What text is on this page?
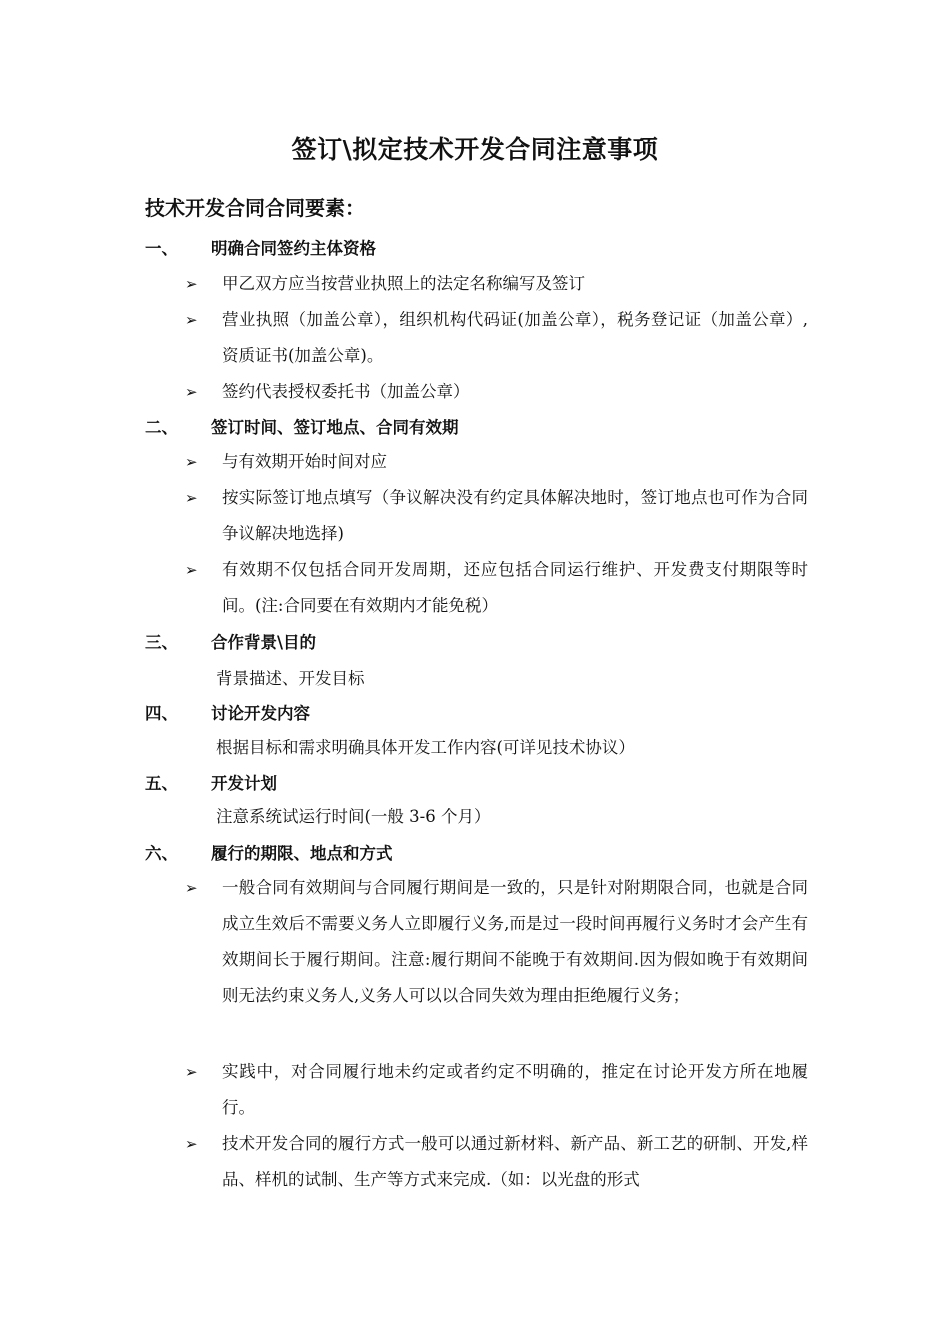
签订\拟定技术开发合同注意事项
技术开发合同合同要素：
一、 明确合同签约主体资格
➢ 甲乙双方应当按营业执照上的法定名称编写及签订
➢ 营业执照（加盖公章），组织机构代码证(加盖公章），税务登记证（加盖公章）,资质证书(加盖公章)。
➢ 签约代表授权委托书（加盖公章）
二、 签订时间、签订地点、合同有效期
➢ 与有效期开始时间对应
➢ 按实际签订地点填写（争议解决没有约定具体解决地时，签订地点也可作为合同争议解决地选择)
➢ 有效期不仅包括合同开发周期，还应包括合同运行维护、开发费支付期限等时间。(注:合同要在有效期内才能免税）
三、 合作背景\目的
背景描述、开发目标
四、 讨论开发内容
根据目标和需求明确具体开发工作内容(可详见技术协议）
五、 开发计划
注意系统试运行时间(一般 3-6 个月）
六、 履行的期限、地点和方式
➢ 一般合同有效期间与合同履行期间是一致的，只是针对附期限合同，也就是合同成立生效后不需要义务人立即履行义务,而是过一段时间再履行义务时才会产生有效期间长于履行期间。注意:履行期间不能晚于有效期间.因为假如晚于有效期间则无法约束义务人,义务人可以以合同失效为理由拒绝履行义务；
➢ 实践中，对合同履行地未约定或者约定不明确的，推定在讨论开发方所在地履行。
➢ 技术开发合同的履行方式一般可以通过新材料、新产品、新工艺的研制、开发,样品、样机的试制、生产等方式来完成.（如：以光盘的形式
